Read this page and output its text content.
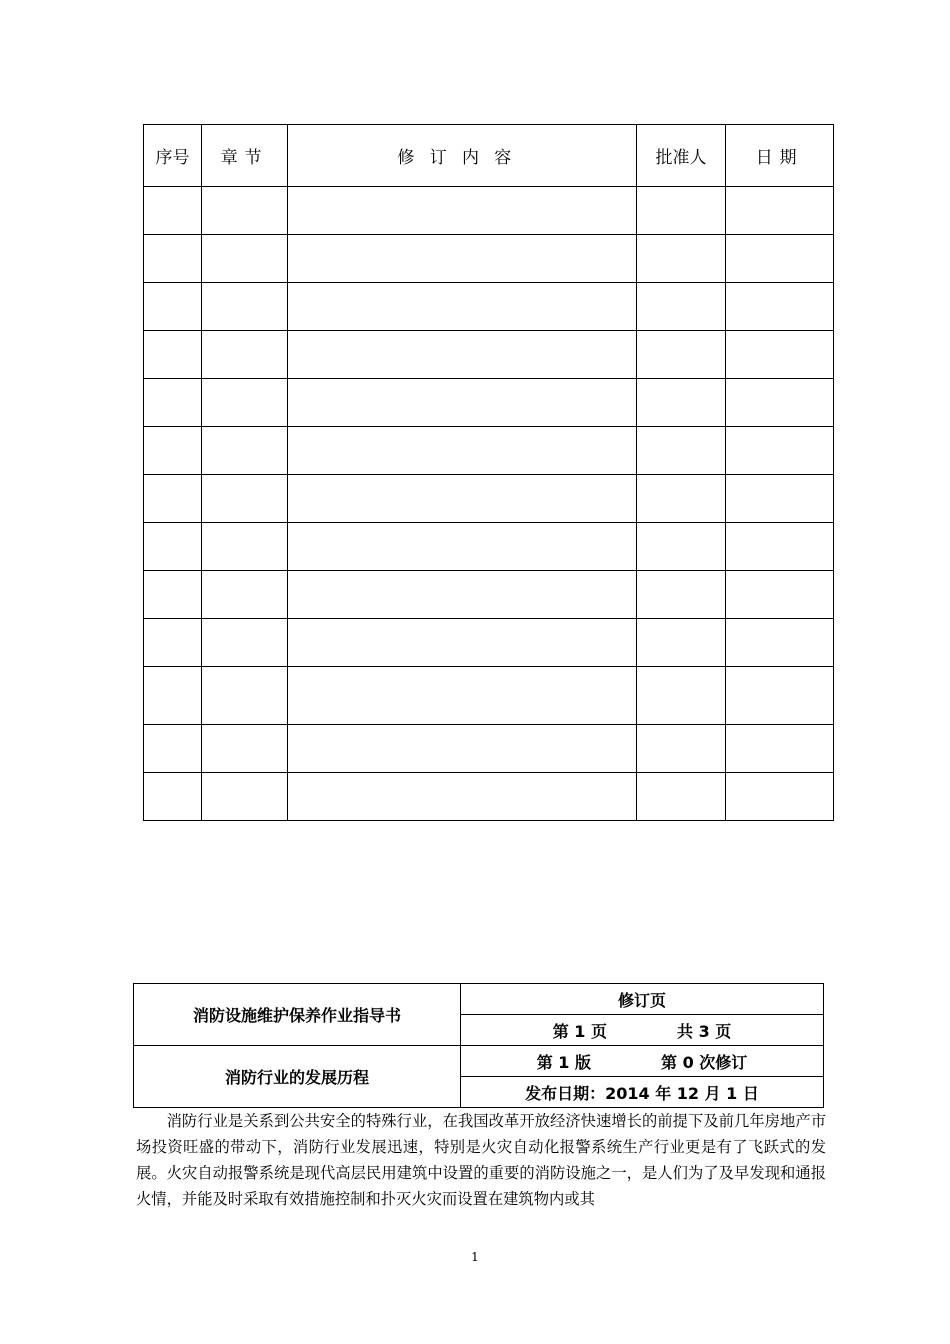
序号	章节	修订内容	批准人	日期

消防设施维护保养作业指导书	修订页
	第 1 页 共 3 页
消防行业的发展历程	第 1 版 第 0 次修订
	发布日期：2014 年 12 月 1 日

消防行业是关系到公共安全的特殊行业，在我国改革开放经济快速增长的前提下及前几年房地产市场投资旺盛的带动下，消防行业发展迅速，特别是火灾自动化报警系统生产行业更是有了飞跃式的发展。火灾自动报警系统是现代高层民用建筑中设置的重要的消防设施之一，是人们为了及早发现和通报火情，并能及时采取有效措施控制和扑灭火灾而设置在建筑物内或其

1
